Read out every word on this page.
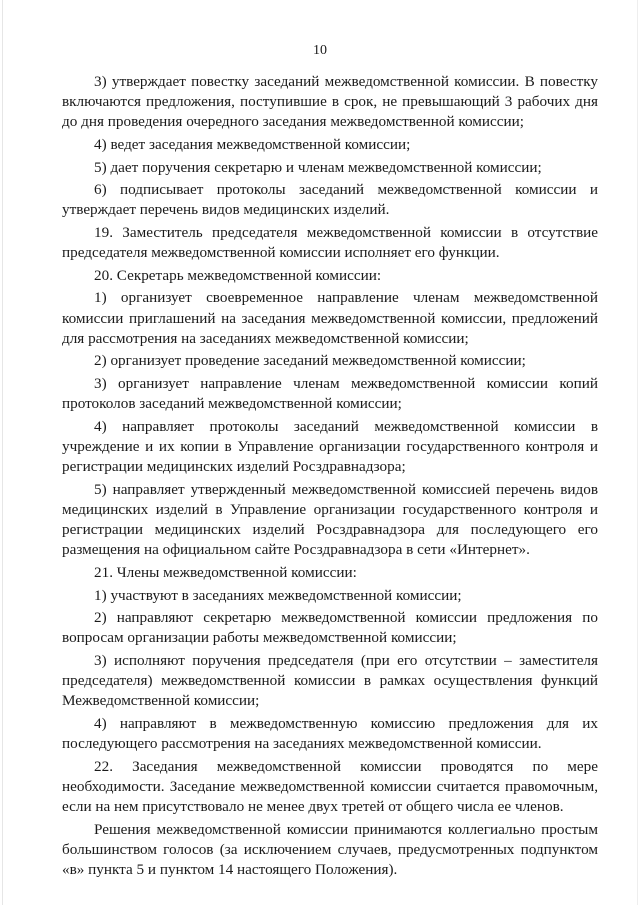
10

3) утверждает повестку заседаний межведомственной комиссии. В повестку включаются предложения, поступившие в срок, не превышающий 3 рабочих дня до дня проведения очередного заседания межведомственной комиссии;

4) ведет заседания межведомственной комиссии;

5) дает поручения секретарю и членам межведомственной комиссии;

6) подписывает протоколы заседаний межведомственной комиссии и утверждает перечень видов медицинских изделий.

19. Заместитель председателя межведомственной комиссии в отсутствие председателя межведомственной комиссии исполняет его функции.

20. Секретарь межведомственной комиссии:

1) организует своевременное направление членам межведомственной комиссии приглашений на заседания межведомственной комиссии, предложений для рассмотрения на заседаниях межведомственной комиссии;

2) организует проведение заседаний межведомственной комиссии;

3) организует направление членам межведомственной комиссии копий протоколов заседаний межведомственной комиссии;

4) направляет протоколы заседаний межведомственной комиссии в учреждение и их копии в Управление организации государственного контроля и регистрации медицинских изделий Росздравнадзора;

5) направляет утвержденный межведомственной комиссией перечень видов медицинских изделий в Управление организации государственного контроля и регистрации медицинских изделий Росздравнадзора для последующего его размещения на официальном сайте Росздравнадзора в сети «Интернет».

21. Члены межведомственной комиссии:

1) участвуют в заседаниях межведомственной комиссии;

2) направляют секретарю межведомственной комиссии предложения по вопросам организации работы межведомственной комиссии;

3) исполняют поручения председателя (при его отсутствии – заместителя председателя) межведомственной комиссии в рамках осуществления функций Межведомственной комиссии;

4) направляют в межведомственную комиссию предложения для их последующего рассмотрения на заседаниях межведомственной комиссии.

22. Заседания межведомственной комиссии проводятся по мере необходимости. Заседание межведомственной комиссии считается правомочным, если на нем присутствовало не менее двух третей от общего числа ее членов.

Решения межведомственной комиссии принимаются коллегиально простым большинством голосов (за исключением случаев, предусмотренных подпунктом «в» пункта 5 и пунктом 14 настоящего Положения).
